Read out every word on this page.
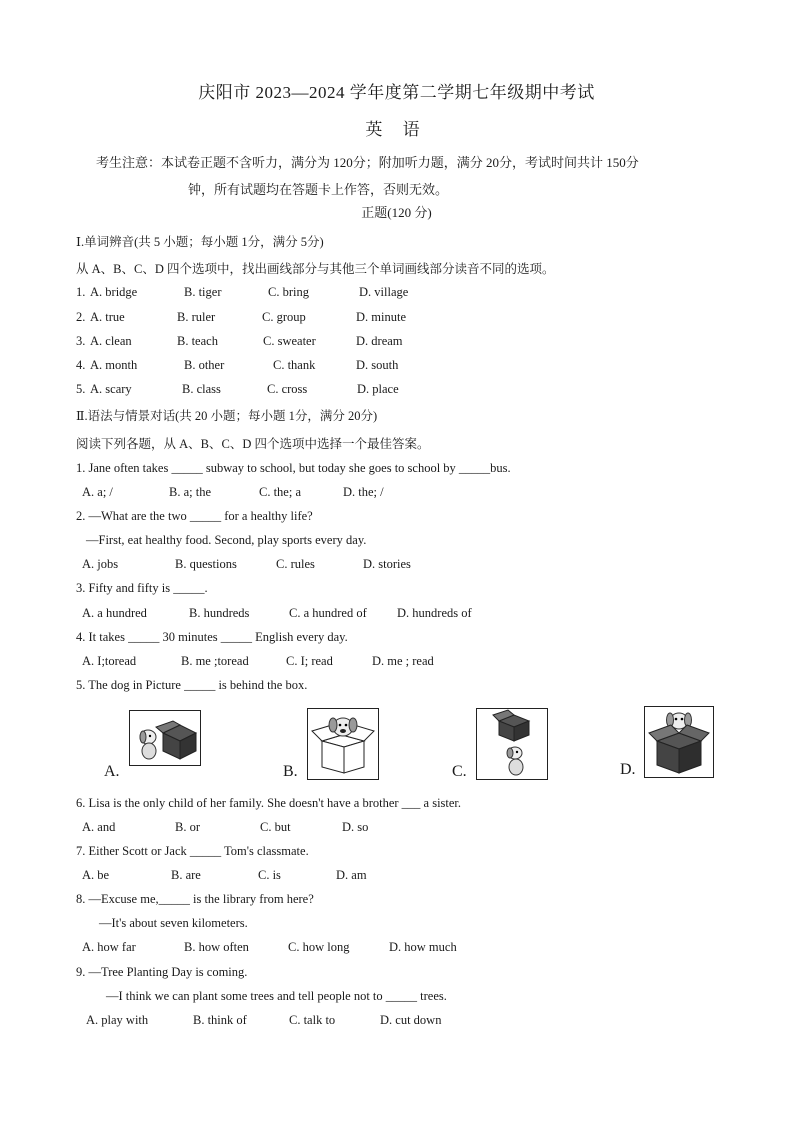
庆阳市 2023—2024 学年度第二学期七年级期中考试
英 语
考生注意：本试卷正题不含听力，满分为 120分；附加听力题，满分 20分，考试时间共计 150分
钟，所有试题均在答题卡上作答，否则无效。
正题(120 分)
Ⅰ.单词辨音(共 5 小题；每小题 1分，满分 5分)
从 A、B、C、D 四个选项中，找出画线部分与其他三个单词画线部分读音不同的选项。
1. A. bridge	B. tiger	C. bring	D. village
2. A. true	B. ruler	C. group	D. minute
3. A. clean	B. teach	C. sweater	D. dream
4. A. month	B. other	C. thank	D. south
5. A. scary	B. class	C. cross	D. place
Ⅱ.语法与情景对话(共 20 小题；每小题 1分，满分 20分)
阅读下列各题，从 A、B、C、D 四个选项中选择一个最佳答案。
1. Jane often takes _____ subway to school, but today she goes to school by _____bus.
A. a; /	B. a; the	C. the; a	D. the; /
2. —What are the two _____ for a healthy life?
—First, eat healthy food. Second, play sports every day.
A. jobs	B. questions	C. rules	D. stories
3. Fifty and fifty is _____.
A. a hundred	B. hundreds	C. a hundred of D. hundreds of
4. It takes _____ 30 minutes _____ English every day.
A. I;toread	B. me ;toread	C. I; read	D. me ; read
5. The dog in Picture _____ is behind the box.
A.	B.	C.	D.
6. Lisa is the only child of her family. She doesn't have a brother ___ a sister.
A. and	B. or	C. but	D. so
7. Either Scott or Jack _____ Tom's classmate.
A. be	B. are	C. is	D. am
8. —Excuse me,_____ is the library from here?
—It's about seven kilometers.
A. how far	B. how often	C. how long	D. how much
9. —Tree Planting Day is coming.
—I think we can plant some trees and tell people not to _____ trees.
A. play with	B. think of	C. talk to	D. cut down
